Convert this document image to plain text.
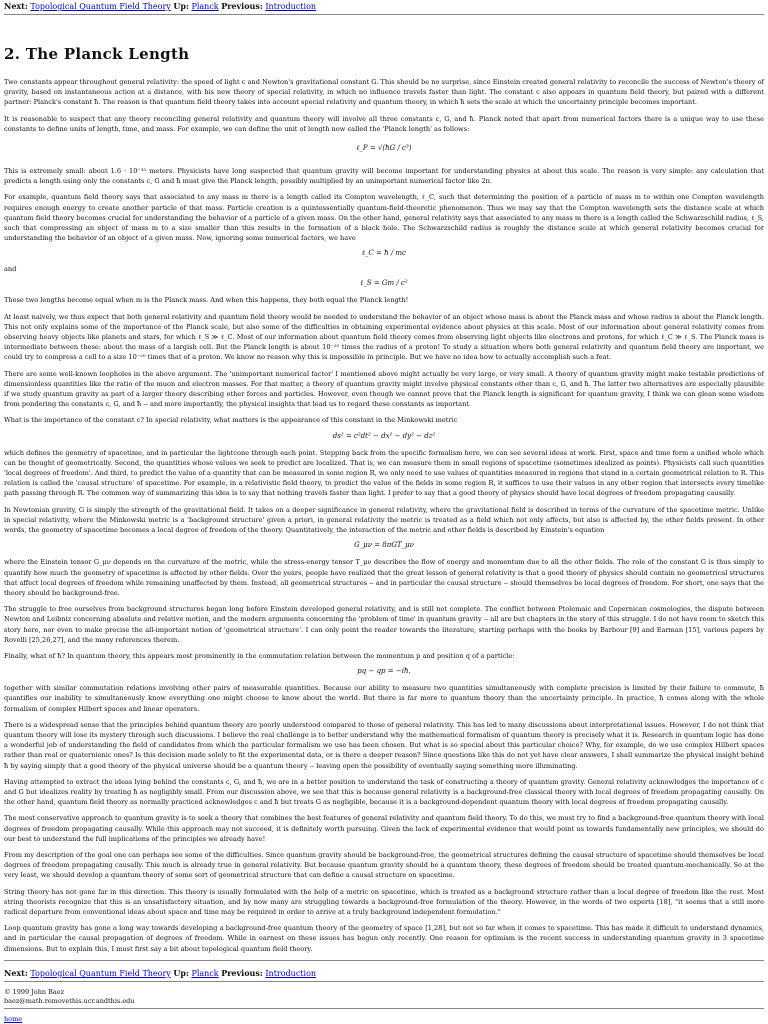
Next: Topological Quantum Field Theory Up: Planck Previous: Introduction
2. The Planck Length

Two constants appear throughout general relativity: the speed of light c and Newton's gravitational constant G. This should be no surprise, since Einstein created general relativity to reconcile the success of Newton's theory of gravity, based on instantaneous action at a distance, with his new theory of special relativity, in which no influence travels faster than light. The constant c also appears in quantum field theory, but paired with a different partner: Planck's constant ħ. The reason is that quantum field theory takes into account special relativity and quantum theory, in which ħ sets the scale at which the uncertainty principle becomes important.

It is reasonable to suspect that any theory reconciling general relativity and quantum theory will involve all three constants c, G, and ħ. Planck noted that apart from numerical factors there is a unique way to use these constants to define units of length, time, and mass. For example, we can define the unit of length now called the 'Planck length' as follows:

ℓ_P = √(ħG / c³)

This is extremely small: about 1.6 · 10⁻³⁵ meters. Physicists have long suspected that quantum gravity will become important for understanding physics at about this scale. The reason is very simple: any calculation that predicts a length using only the constants c, G and ħ must give the Planck length, possibly multiplied by an unimportant numerical factor like 2π.

For example, quantum field theory says that associated to any mass m there is a length called its Compton wavelength, ℓ_C, such that determining the position of a particle of mass m to within one Compton wavelength requires enough energy to create another particle of that mass. Particle creation is a quintessentially quantum-field-theoretic phenomenon. Thus we may say that the Compton wavelength sets the distance scale at which quantum field theory becomes crucial for understanding the behavior of a particle of a given mass. On the other hand, general relativity says that associated to any mass m there is a length called the Schwarzschild radius, ℓ_S, such that compressing an object of mass m to a size smaller than this results in the formation of a black hole. The Schwarzschild radius is roughly the distance scale at which general relativity becomes crucial for understanding the behavior of an object of a given mass. Now, ignoring some numerical factors, we have

ℓ_C = ħ / mc
and
ℓ_S = Gm / c²

These two lengths become equal when m is the Planck mass. And when this happens, they both equal the Planck length!

At least naively, we thus expect that both general relativity and quantum field theory would be needed to understand the behavior of an object whose mass is about the Planck mass and whose radius is about the Planck length. This not only explains some of the importance of the Planck scale, but also some of the difficulties in obtaining experimental evidence about physics at this scale. Most of our information about general relativity comes from observing heavy objects like planets and stars, for which ℓ_S ≫ ℓ_C. Most of our information about quantum field theory comes from observing light objects like electrons and protons, for which ℓ_C ≫ ℓ_S. The Planck mass is intermediate between these: about the mass of a largish cell. But the Planck length is about 10⁻²⁰ times the radius of a proton! To study a situation where both general relativity and quantum field theory are important, we could try to compress a cell to a size 10⁻²⁰ times that of a proton. We know no reason why this is impossible in principle. But we have no idea how to actually accomplish such a feat.

There are some well-known loopholes in the above argument. The 'unimportant numerical factor' I mentioned above might actually be very large, or very small. A theory of quantum gravity might make testable predictions of dimensionless quantities like the ratio of the muon and electron masses. For that matter, a theory of quantum gravity might involve physical constants other than c, G, and ħ. The latter two alternatives are especially plausible if we study quantum gravity as part of a larger theory describing other forces and particles. However, even though we cannot prove that the Planck length is significant for quantum gravity, I think we can glean some wisdom from pondering the constants c, G, and ħ -- and more importantly, the physical insights that lead us to regard these constants as important.

What is the importance of the constant c? In special relativity, what matters is the appearance of this constant in the Minkowski metric

ds² = c²dt² − dx² − dy² − dz²

which defines the geometry of spacetime, and in particular the lightcone through each point. Stepping back from the specific formalism here, we can see several ideas at work. First, space and time form a unified whole which can be thought of geometrically. Second, the quantities whose values we seek to predict are localized. That is, we can measure them in small regions of spacetime (sometimes idealized as points). Physicists call such quantities 'local degrees of freedom'. And third, to predict the value of a quantity that can be measured in some region R, we only need to use values of quantities measured in regions that stand in a certain geometrical relation to R. This relation is called the 'causal structure' of spacetime. For example, in a relativistic field theory, to predict the value of the fields in some region R, it suffices to use their values in any other region that intersects every timelike path passing through R. The common way of summarizing this idea is to say that nothing travels faster than light. I prefer to say that a good theory of physics should have local degrees of freedom propagating causally.

In Newtonian gravity, G is simply the strength of the gravitational field. It takes on a deeper significance in general relativity, where the gravitational field is described in terms of the curvature of the spacetime metric. Unlike in special relativity, where the Minkowski metric is a 'background structure' given a priori, in general relativity the metric is treated as a field which not only affects, but also is affected by, the other fields present. In other words, the geometry of spacetime becomes a local degree of freedom of the theory. Quantitatively, the interaction of the metric and other fields is described by Einstein's equation

G_μν = 8πGT_μν

where the Einstein tensor G_μν depends on the curvature of the metric, while the stress-energy tensor T_μν describes the flow of energy and momentum due to all the other fields. The role of the constant G is thus simply to quantify how much the geometry of spacetime is affected by other fields. Over the years, people have realized that the great lesson of general relativity is that a good theory of physics should contain no geometrical structures that affect local degrees of freedom while remaining unaffected by them. Instead, all geometrical structures -- and in particular the causal structure -- should themselves be local degrees of freedom. For short, one says that the theory should be background-free.

The struggle to free ourselves from background structures began long before Einstein developed general relativity, and is still not complete. The conflict between Ptolemaic and Copernican cosmologies, the dispute between Newton and Leibniz concerning absolute and relative motion, and the modern arguments concerning the 'problem of time' in quantum gravity -- all are but chapters in the story of this struggle. I do not have room to sketch this story here, nor even to make precise the all-important notion of 'geometrical structure'. I can only point the reader towards the literature, starting perhaps with the books by Barbour [9] and Earman [15], various papers by Rovelli [25,26,27], and the many references therein.

Finally, what of ħ? In quantum theory, this appears most prominently in the commutation relation between the momentum p and position q of a particle:

pq − qp = −iħ,

together with similar commutation relations involving other pairs of measurable quantities. Because our ability to measure two quantities simultaneously with complete precision is limited by their failure to commute, ħ quantifies our inability to simultaneously know everything one might choose to know about the world. But there is far more to quantum theory than the uncertainty principle. In practice, ħ comes along with the whole formalism of complex Hilbert spaces and linear operators.

There is a widespread sense that the principles behind quantum theory are poorly understood compared to those of general relativity. This has led to many discussions about interpretational issues. However, I do not think that quantum theory will lose its mystery through such discussions. I believe the real challenge is to better understand why the mathematical formalism of quantum theory is precisely what it is. Research in quantum logic has done a wonderful job of understanding the field of candidates from which the particular formalism we use has been chosen. But what is so special about this particular choice? Why, for example, do we use complex Hilbert spaces rather than real or quaternionic ones? Is this decision made solely to fit the experimental data, or is there a deeper reason? Since questions like this do not yet have clear answers, I shall summarize the physical insight behind ħ by saying simply that a good theory of the physical universe should be a quantum theory -- leaving open the possibility of eventually saying something more illuminating.

Having attempted to extract the ideas lying behind the constants c, G, and ħ, we are in a better position to understand the task of constructing a theory of quantum gravity. General relativity acknowledges the importance of c and G but idealizes reality by treating ħ as negligibly small. From our discussion above, we see that this is because general relativity is a background-free classical theory with local degrees of freedom propagating causally. On the other hand, quantum field theory as normally practiced acknowledges c and ħ but treats G as negligible, because it is a background-dependent quantum theory with local degrees of freedom propagating causally.

The most conservative approach to quantum gravity is to seek a theory that combines the best features of general relativity and quantum field theory. To do this, we must try to find a background-free quantum theory with local degrees of freedom propagating causally. While this approach may not succeed, it is definitely worth pursuing. Given the lack of experimental evidence that would point us towards fundamentally new principles, we should do our best to understand the full implications of the principles we already have!

From my description of the goal one can perhaps see some of the difficulties. Since quantum gravity should be background-free, the geometrical structures defining the causal structure of spacetime should themselves be local degrees of freedom propagating causally. This much is already true in general relativity. But because quantum gravity should be a quantum theory, these degrees of freedom should be treated quantum-mechanically. So at the very least, we should develop a quantum theory of some sort of geometrical structure that can define a causal structure on spacetime.

String theory has not gone far in this direction. This theory is usually formulated with the help of a metric on spacetime, which is treated as a background structure rather than a local degree of freedom like the rest. Most string theorists recognize that this is an unsatisfactory situation, and by now many are struggling towards a background-free formulation of the theory. However, in the words of two experts [18], "it seems that a still more radical departure from conventional ideas about space and time may be required in order to arrive at a truly background independent formulation."

Loop quantum gravity has gone a long way towards developing a background-free quantum theory of the geometry of space [1,28], but not so far when it comes to spacetime. This has made it difficult to understand dynamics, and in particular the causal propagation of degrees of freedom. While in earnest on these issues has begun only recently. One reason for optimism is the recent success in understanding quantum gravity in 3 spacetime dimensions. But to explain this, I must first say a bit about topological quantum field theory.

Next: Topological Quantum Field Theory Up: Planck Previous: Introduction
© 1999 John Baez
baez@math.removethis.ucr.andthis.edu
home
